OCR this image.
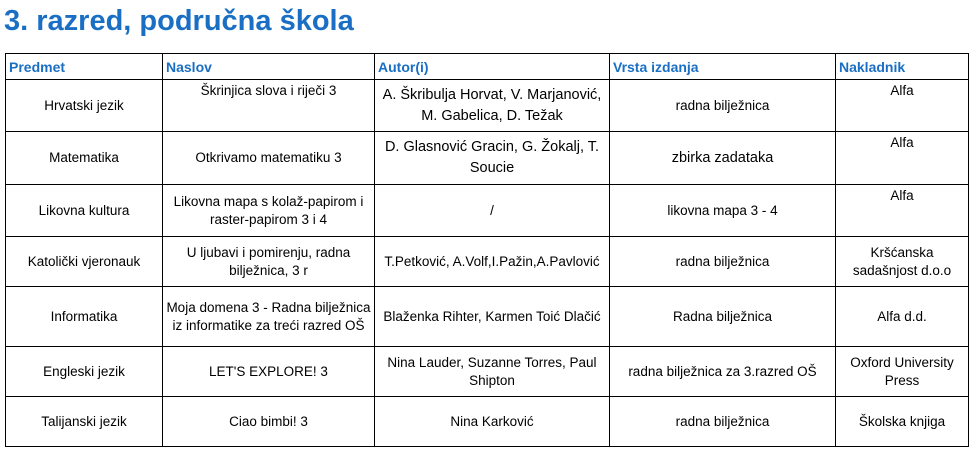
3. razred, područna škola
Predmet	Naslov	Autor(i)	Vrsta izdanja	Nakladnik
Hrvatski jezik	Škrinjica slova i riječi 3	A. Škribulja Horvat, V. Marjanović, M. Gabelica, D. Težak	radna bilježnica	Alfa
Matematika	Otkrivamo matematiku 3	D. Glasnović Gracin, G. Žokalj, T. Soucie	zbirka zadataka	Alfa
Likovna kultura	Likovna mapa s kolaž-papirom i raster-papirom 3 i 4	/	likovna mapa 3 - 4	Alfa
Katolički vjeronauk	U ljubavi i pomirenju, radna bilježnica, 3 r	T.Petković, A.Volf,I.Pažin,A.Pavlović	radna bilježnica	Kršćanska sadašnjost d.o.o
Informatika	Moja domena 3 - Radna bilježnica iz informatike za treći razred OŠ	Blaženka Rihter, Karmen Toić Dlačić	Radna bilježnica	Alfa d.d.
Engleski jezik	LET'S EXPLORE! 3	Nina Lauder, Suzanne Torres, Paul Shipton	radna bilježnica za 3.razred OŠ	Oxford University Press
Talijanski jezik	Ciao bimbi! 3	Nina Karković	radna bilježnica	Školska knjiga
